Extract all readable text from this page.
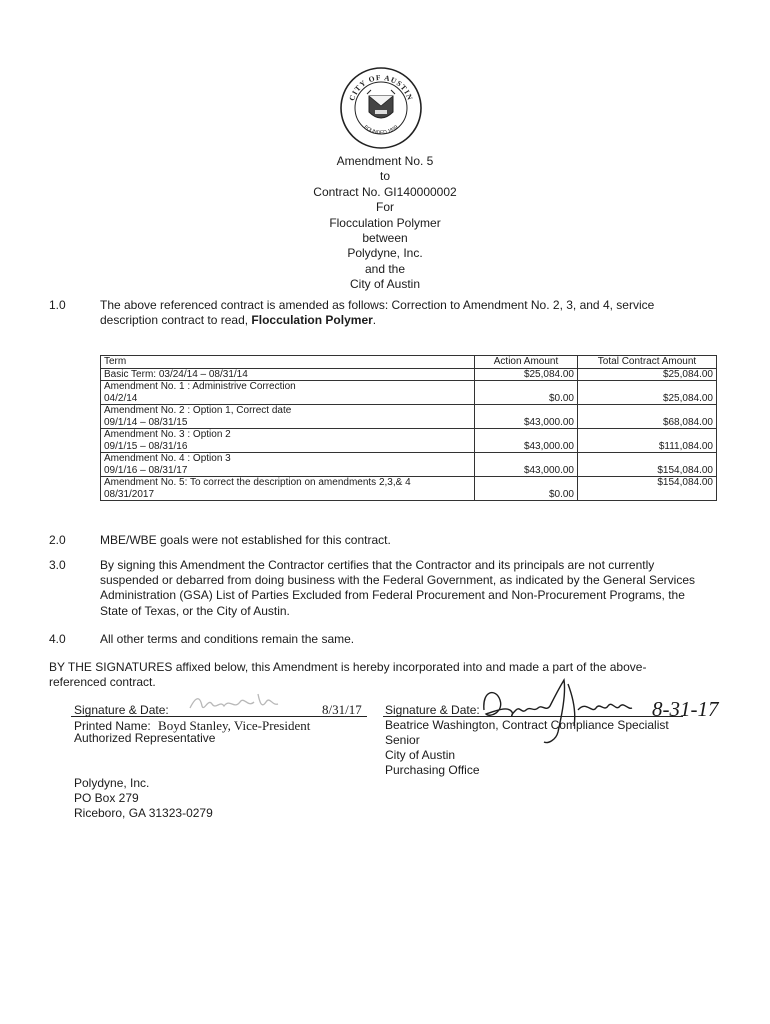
CITY OF AUSTIN
FOUNDED 1839
Amendment No. 5
to
Contract No. GI140000002
For
Flocculation Polymer
between
Polydyne, Inc.
and the
City of Austin
1.0	The above referenced contract is amended as follows: Correction to Amendment No. 2, 3, and 4, service description contract to read, Flocculation Polymer.
Term	Action Amount	Total Contract Amount
Basic Term: 03/24/14 – 08/31/14	$25,084.00	$25,084.00

Amendment No. 1 : Administrive Correction
04/2/14	$0.00	$25,084.00

Amendment No. 2 : Option 1, Correct date
09/1/14 – 08/31/15	$43,000.00	$68,084.00

Amendment No. 3 : Option 2
09/1/15 – 08/31/16	$43,000.00	$111,084.00

Amendment No. 4 : Option 3
09/1/16 – 08/31/17	$43,000.00	$154,084.00

Amendment No. 5: To correct the description on amendments 2,3,& 4
08/31/2017	$0.00	$154,084.00
2.0	MBE/WBE goals were not established for this contract.
3.0	By signing this Amendment the Contractor certifies that the Contractor and its principals are not currently suspended or debarred from doing business with the Federal Government, as indicated by the General Services Administration (GSA) List of Parties Excluded from Federal Procurement and Non-Procurement Programs, the State of Texas, or the City of Austin.
4.0	All other terms and conditions remain the same.
BY THE SIGNATURES affixed below, this Amendment is hereby incorporated into and made a part of the above-referenced contract.
Signature & Date:	8/31/17
Printed Name: Boyd Stanley, Vice-President
Authorized Representative
Polydyne, Inc.
PO Box 279
Riceboro, GA 31323-0279
Signature & Date:	8-31-17
Beatrice Washington, Contract Compliance Specialist
Senior
City of Austin
Purchasing Office
